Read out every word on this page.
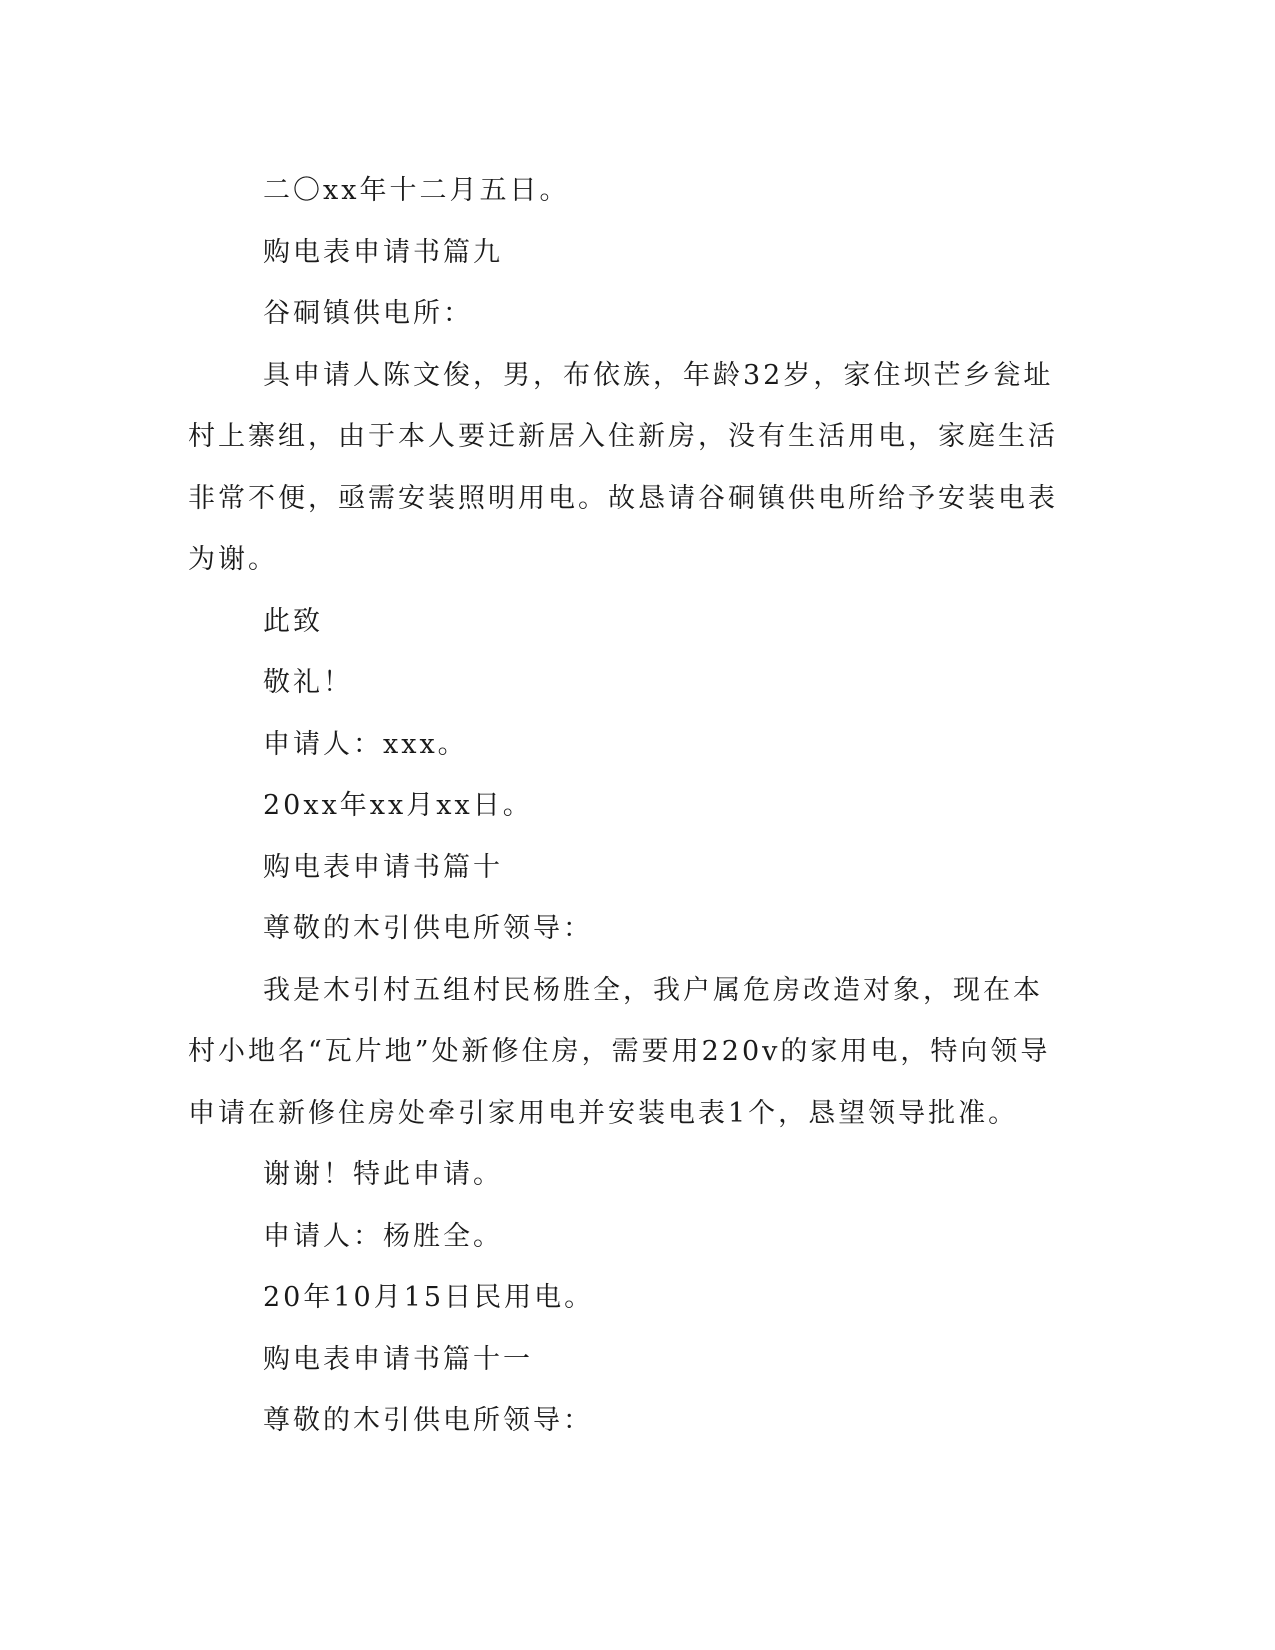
二〇xx年十二月五日。

购电表申请书篇九

谷硐镇供电所：

具申请人陈文俊，男，布依族，年龄32岁，家住坝芒乡瓮址村上寨组，由于本人要迁新居入住新房，没有生活用电，家庭生活非常不便，亟需安装照明用电。故恳请谷硐镇供电所给予安装电表为谢。

此致

敬礼！

申请人：xxx。

20xx年xx月xx日。

购电表申请书篇十

尊敬的木引供电所领导：

我是木引村五组村民杨胜全，我户属危房改造对象，现在本村小地名“瓦片地”处新修住房，需要用220v的家用电，特向领导申请在新修住房处牵引家用电并安装电表1个，恳望领导批准。

谢谢！特此申请。

申请人：杨胜全。

20年10月15日民用电。

购电表申请书篇十一

尊敬的木引供电所领导：
